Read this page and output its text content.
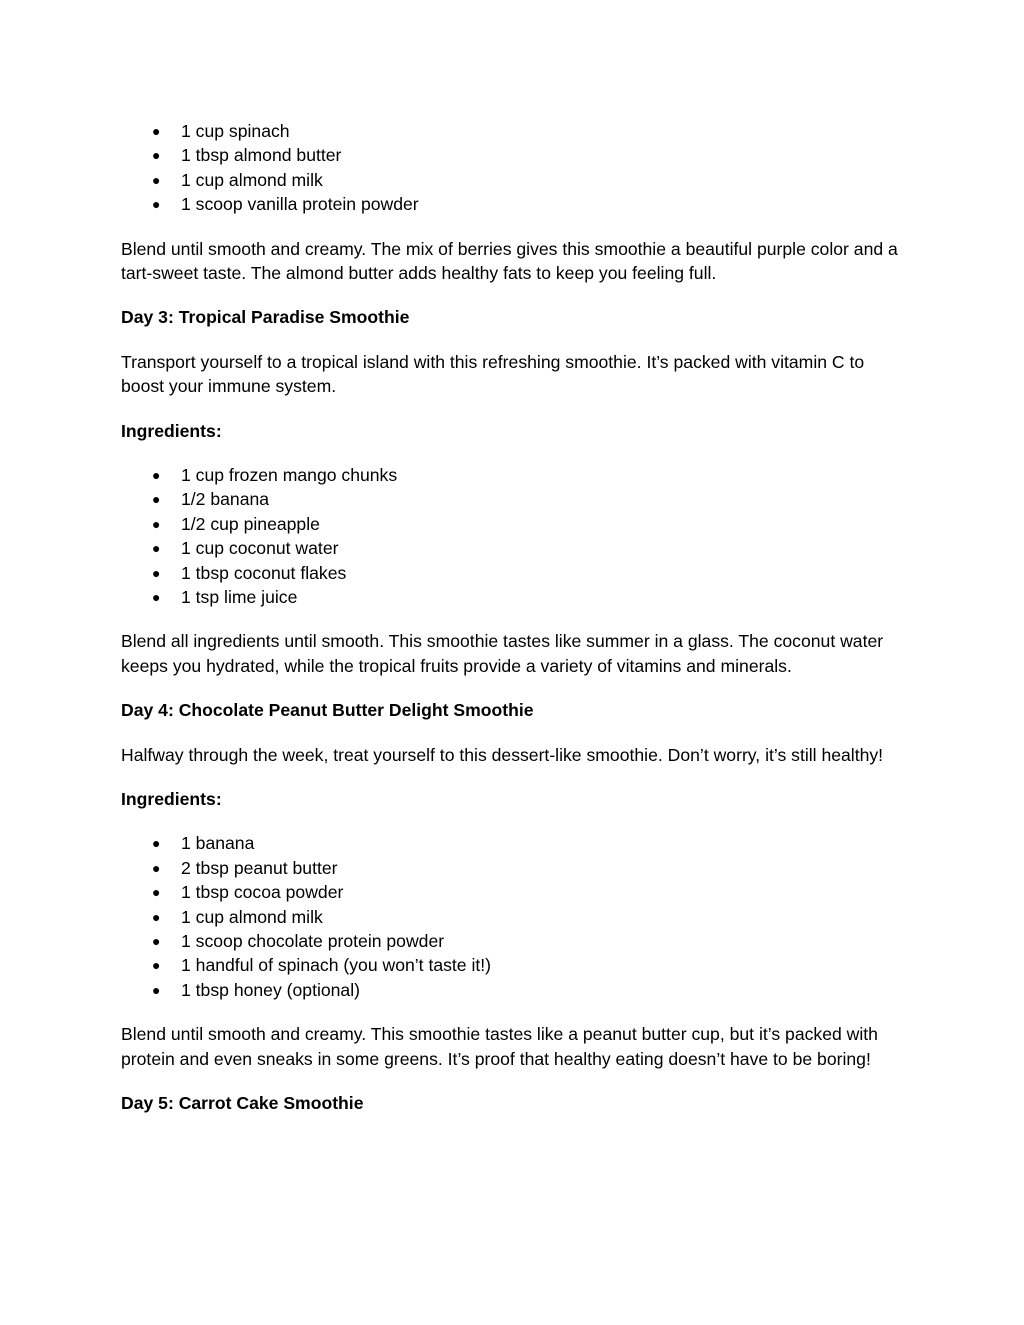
● 1 cup spinach
● 1 tbsp almond butter
● 1 cup almond milk
● 1 scoop vanilla protein powder

Blend until smooth and creamy. The mix of berries gives this smoothie a beautiful purple color and a tart-sweet taste. The almond butter adds healthy fats to keep you feeling full.

Day 3: Tropical Paradise Smoothie

Transport yourself to a tropical island with this refreshing smoothie. It’s packed with vitamin C to boost your immune system.

Ingredients:

● 1 cup frozen mango chunks
● 1/2 banana
● 1/2 cup pineapple
● 1 cup coconut water
● 1 tbsp coconut flakes
● 1 tsp lime juice

Blend all ingredients until smooth. This smoothie tastes like summer in a glass. The coconut water keeps you hydrated, while the tropical fruits provide a variety of vitamins and minerals.

Day 4: Chocolate Peanut Butter Delight Smoothie

Halfway through the week, treat yourself to this dessert-like smoothie. Don’t worry, it’s still healthy!

Ingredients:

● 1 banana
● 2 tbsp peanut butter
● 1 tbsp cocoa powder
● 1 cup almond milk
● 1 scoop chocolate protein powder
● 1 handful of spinach (you won’t taste it!)
● 1 tbsp honey (optional)

Blend until smooth and creamy. This smoothie tastes like a peanut butter cup, but it’s packed with protein and even sneaks in some greens. It’s proof that healthy eating doesn’t have to be boring!

Day 5: Carrot Cake Smoothie
